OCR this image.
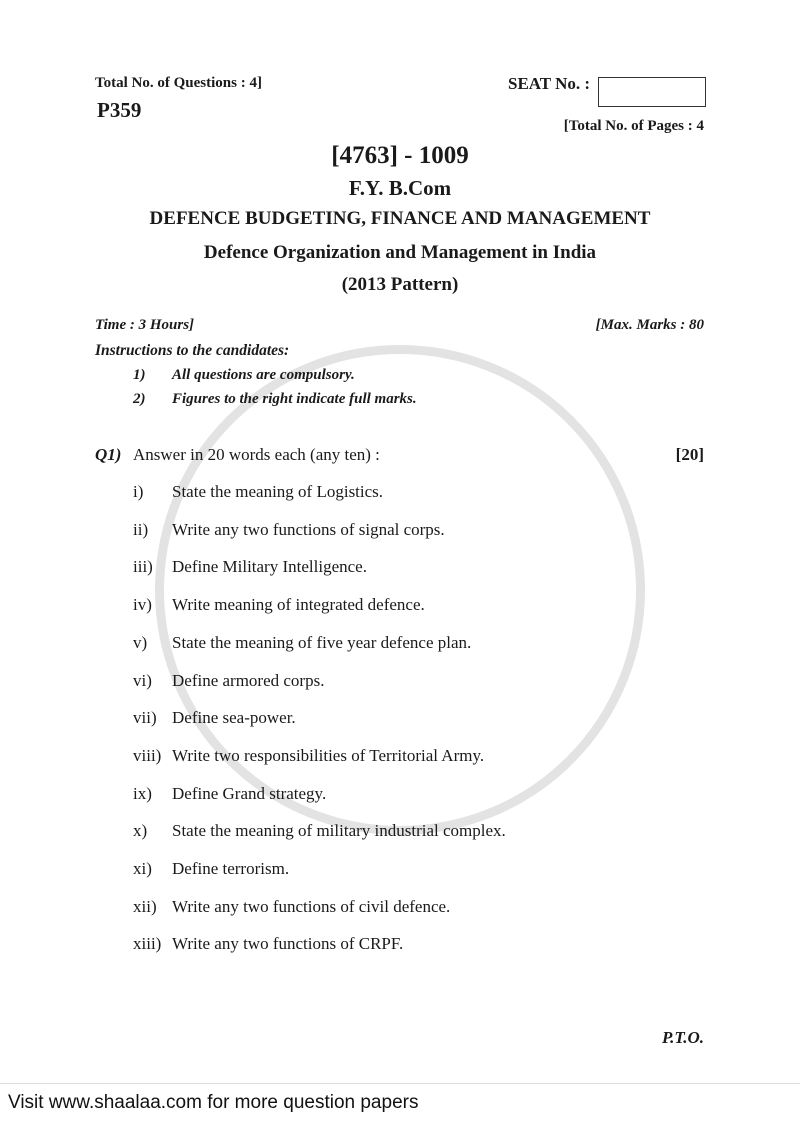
Total No. of Questions : 4]
P359
SEAT No. :
[Total No. of Pages : 4
[4763] - 1009
F.Y. B.Com
DEFENCE BUDGETING, FINANCE AND MANAGEMENT
Defence Organization and Management in India
(2013 Pattern)
Time : 3 Hours]	[Max. Marks : 80
Instructions to the candidates:
1) All questions are compulsory.
2) Figures to the right indicate full marks.
Q1) Answer in 20 words each (any ten) :	[20]
i) State the meaning of Logistics.
ii) Write any two functions of signal corps.
iii) Define Military Intelligence.
iv) Write meaning of integrated defence.
v) State the meaning of five year defence plan.
vi) Define armored corps.
vii) Define sea-power.
viii) Write two responsibilities of Territorial Army.
ix) Define Grand strategy.
x) State the meaning of military industrial complex.
xi) Define terrorism.
xii) Write any two functions of civil defence.
xiii) Write any two functions of CRPF.
P.T.O.
Visit www.shaalaa.com for more question papers
